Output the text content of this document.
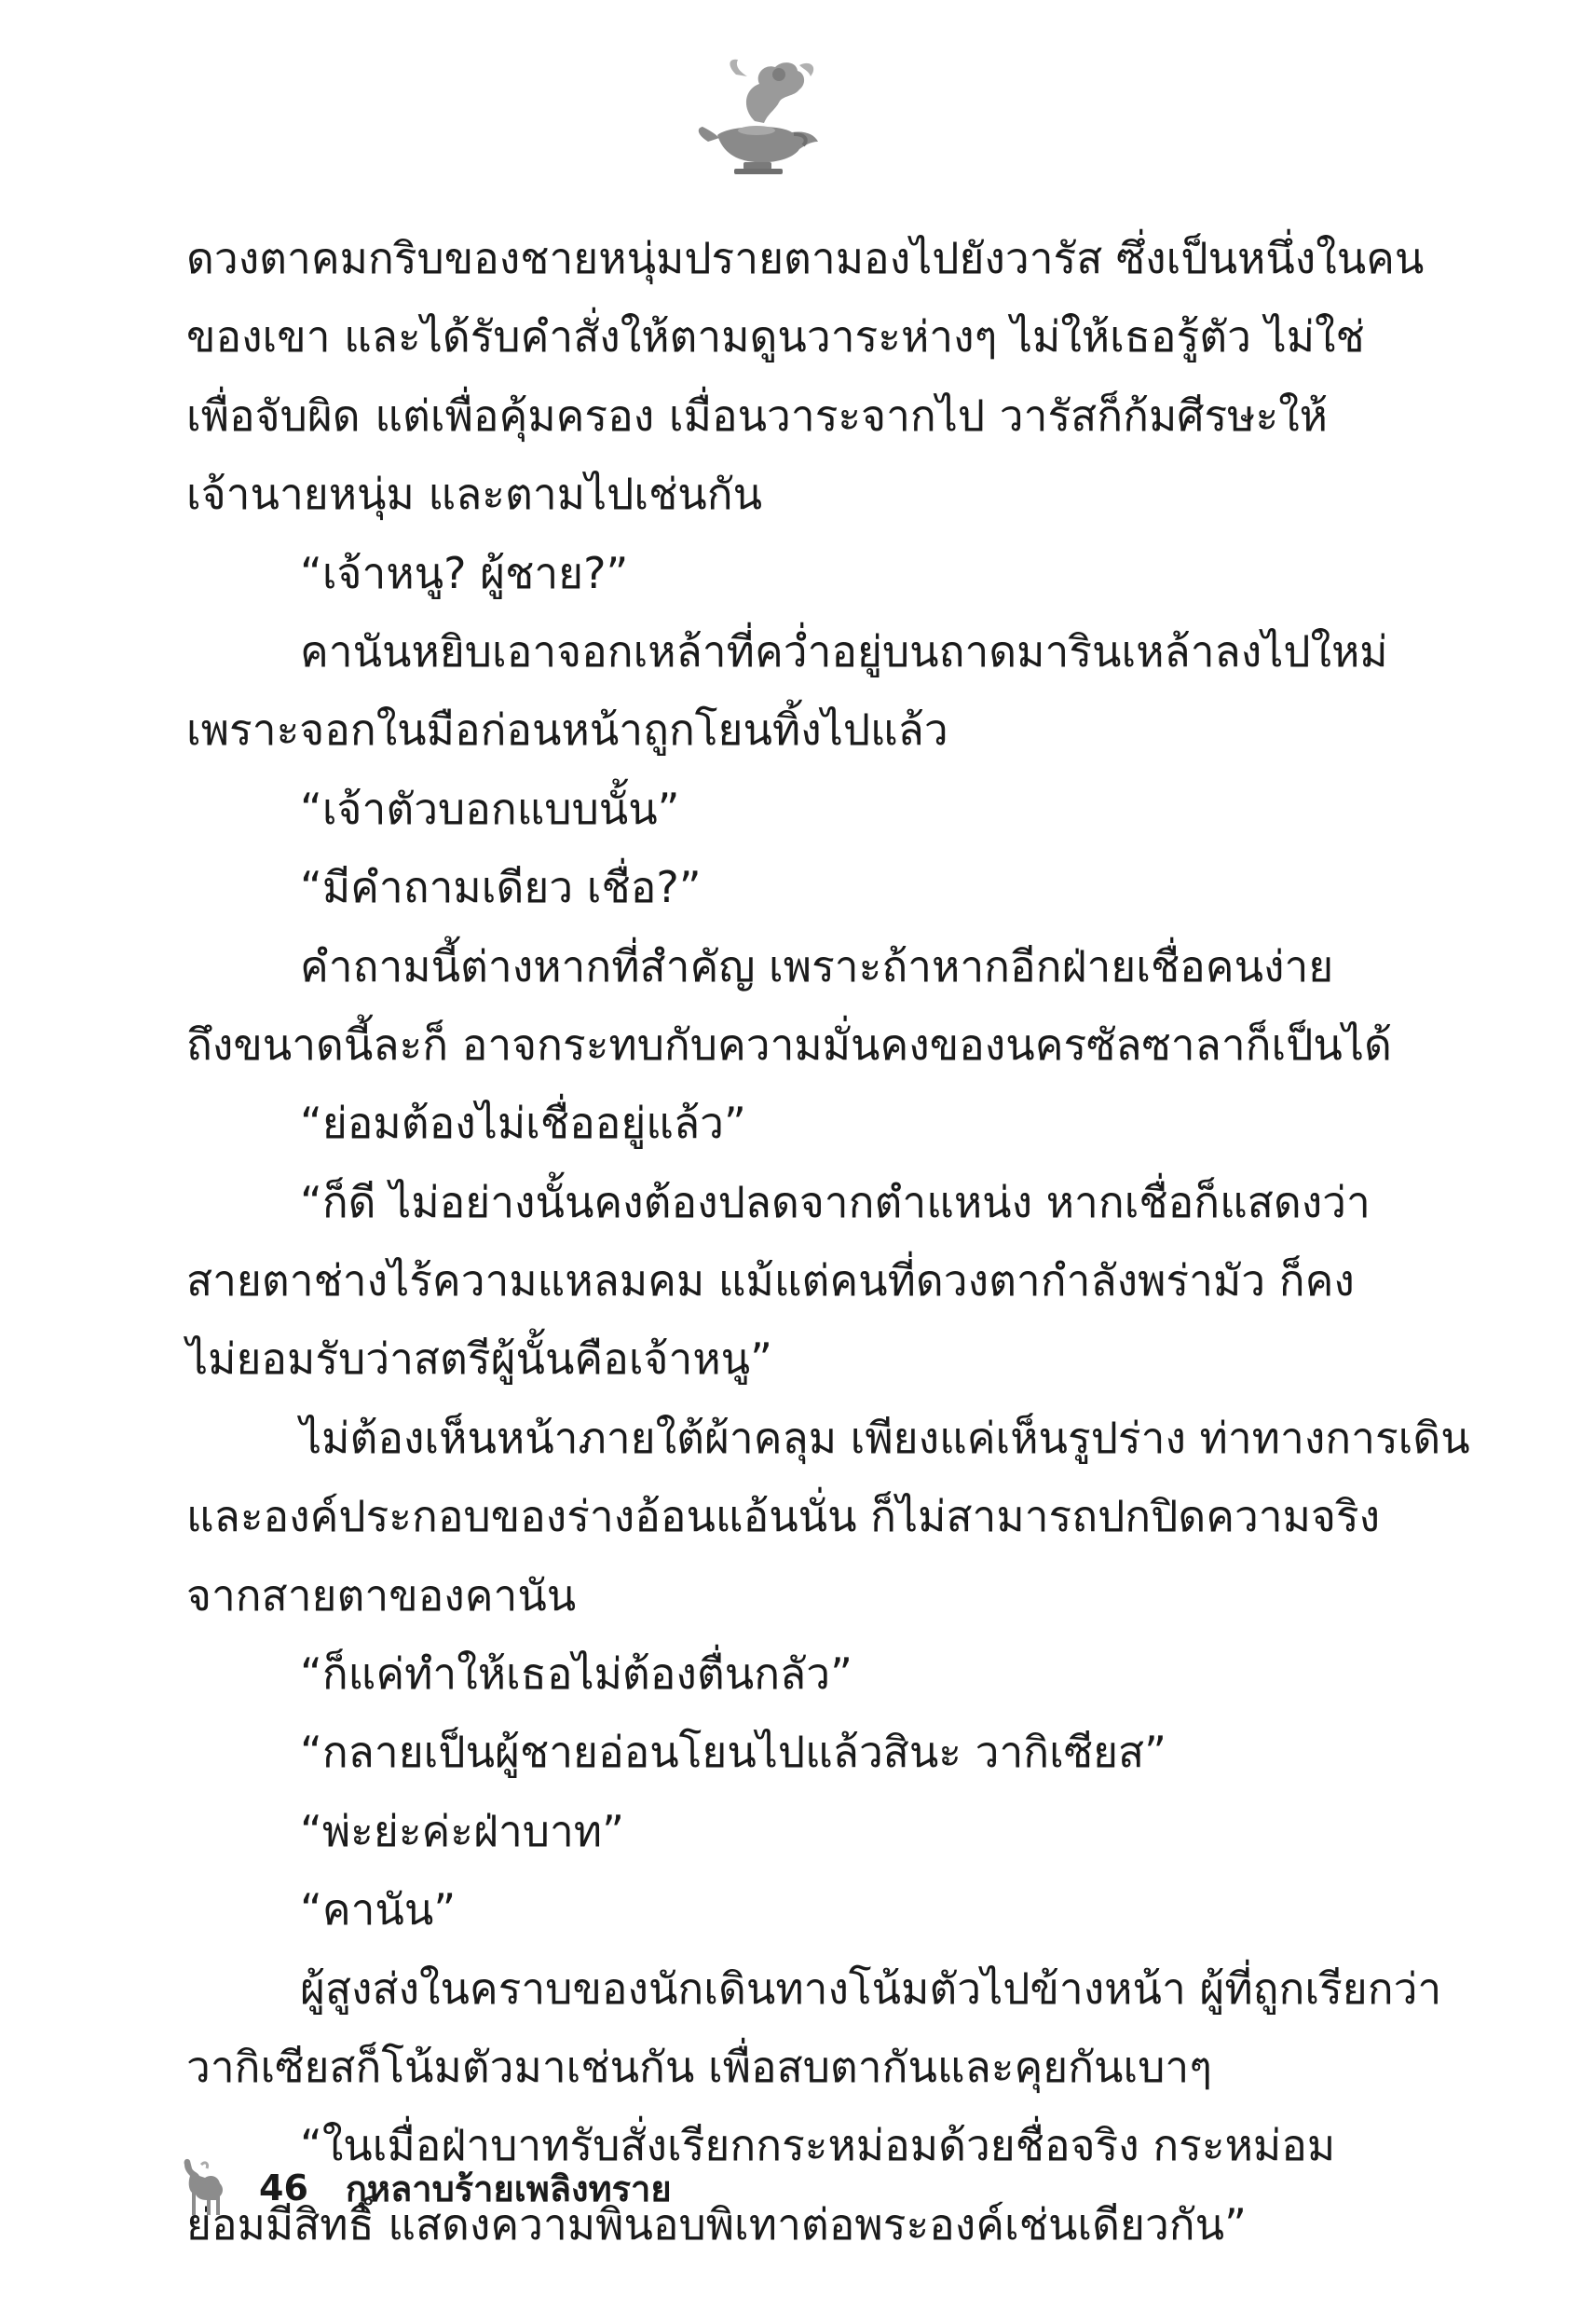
ดวงตาคมกริบของชายหนุ่มปรายตามองไปยังวารัส ซึ่งเป็นหนึ่งในคน
ของเขา และได้รับคำสั่งให้ตามดูนวาระห่างๆ ไม่ให้เธอรู้ตัว ไม่ใช่
เพื่อจับผิด แต่เพื่อคุ้มครอง เมื่อนวาระจากไป วารัสก็ก้มศีรษะให้
เจ้านายหนุ่ม และตามไปเช่นกัน
“เจ้าหนู? ผู้ชาย?”
คานันหยิบเอาจอกเหล้าที่คว่ำอยู่บนถาดมารินเหล้าลงไปใหม่
เพราะจอกในมือก่อนหน้าถูกโยนทิ้งไปแล้ว
“เจ้าตัวบอกแบบนั้น”
“มีคำถามเดียว เชื่อ?”
คำถามนี้ต่างหากที่สำคัญ เพราะถ้าหากอีกฝ่ายเชื่อคนง่าย
ถึงขนาดนี้ละก็ อาจกระทบกับความมั่นคงของนครซัลซาลาก็เป็นได้
“ย่อมต้องไม่เชื่ออยู่แล้ว”
“ก็ดี ไม่อย่างนั้นคงต้องปลดจากตำแหน่ง หากเชื่อก็แสดงว่า
สายตาช่างไร้ความแหลมคม แม้แต่คนที่ดวงตากำลังพร่ามัว ก็คง
ไม่ยอมรับว่าสตรีผู้นั้นคือเจ้าหนู”
ไม่ต้องเห็นหน้าภายใต้ผ้าคลุม เพียงแค่เห็นรูปร่าง ท่าทางการเดิน
และองค์ประกอบของร่างอ้อนแอ้นนั่น ก็ไม่สามารถปกปิดความจริง
จากสายตาของคานัน
“ก็แค่ทำให้เธอไม่ต้องตื่นกลัว”
“กลายเป็นผู้ชายอ่อนโยนไปแล้วสินะ วากิเซียส”
“พ่ะย่ะค่ะฝ่าบาท”
“คานัน”
ผู้สูงส่งในคราบของนักเดินทางโน้มตัวไปข้างหน้า ผู้ที่ถูกเรียกว่า
วากิเซียสก็โน้มตัวมาเช่นกัน เพื่อสบตากันและคุยกันเบาๆ
“ในเมื่อฝ่าบาทรับสั่งเรียกกระหม่อมด้วยชื่อจริง กระหม่อม
ย่อมมีสิทธิ์ แสดงความพินอบพิเทาต่อพระองค์เช่นเดียวกัน”
46 กุหลาบร้ายเพลิงทราย
